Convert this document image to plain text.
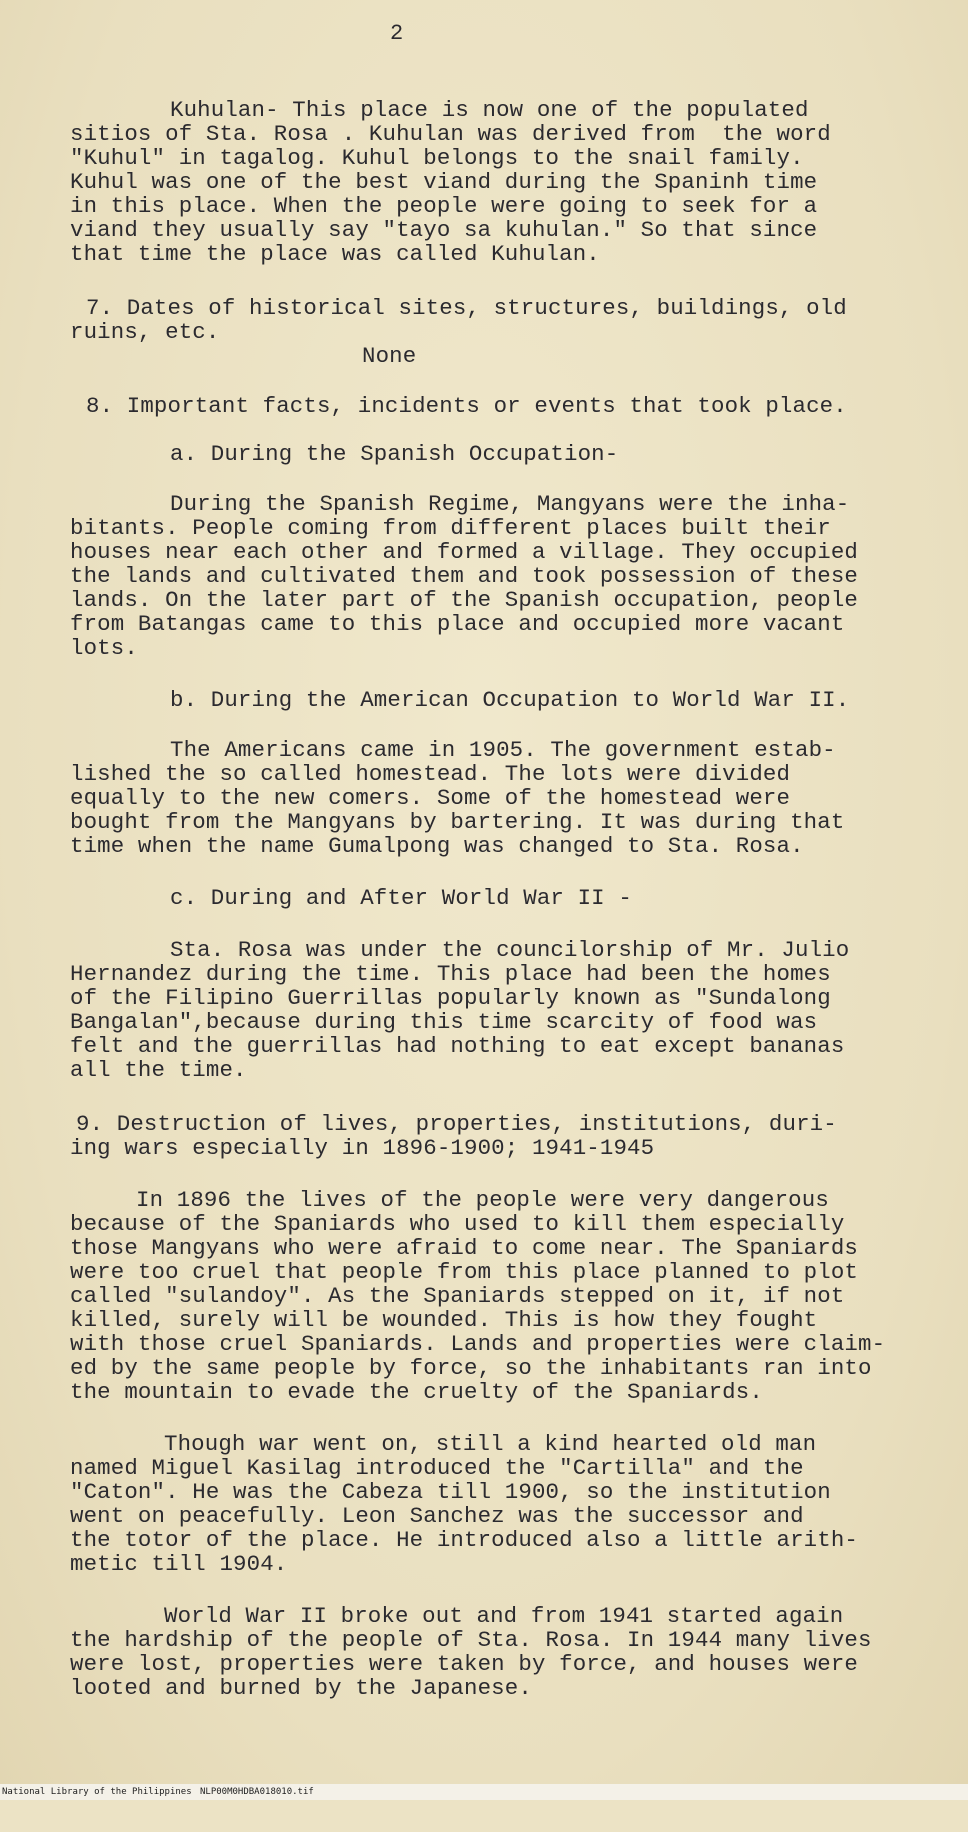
2
Kuhulan- This place is now one of the populated
sitios of Sta. Rosa . Kuhulan was derived from  the word
"Kuhul" in tagalog. Kuhul belongs to the snail family.
Kuhul was one of the best viand during the Spaninh time
in this place. When the people were going to seek for a
viand they usually say "tayo sa kuhulan." So that since
that time the place was called Kuhulan.
7. Dates of historical sites, structures, buildings, old
ruins, etc.
None
8. Important facts, incidents or events that took place.
a. During the Spanish Occupation-
During the Spanish Regime, Mangyans were the inha-
bitants. People coming from different places built their
houses near each other and formed a village. They occupied
the lands and cultivated them and took possession of these
lands. On the later part of the Spanish occupation, people
from Batangas came to this place and occupied more vacant
lots.
b. During the American Occupation to World War II.
The Americans came in 1905. The government estab-
lished the so called homestead. The lots were divided
equally to the new comers. Some of the homestead were
bought from the Mangyans by bartering. It was during that
time when the name Gumalpong was changed to Sta. Rosa.
c. During and After World War II -
Sta. Rosa was under the councilorship of Mr. Julio
Hernandez during the time. This place had been the homes
of the Filipino Guerrillas popularly known as "Sundalong
Bangalan",because during this time scarcity of food was
felt and the guerrillas had nothing to eat except bananas
all the time.
9. Destruction of lives, properties, institutions, duri-
ing wars especially in 1896-1900; 1941-1945
In 1896 the lives of the people were very dangerous
because of the Spaniards who used to kill them especially
those Mangyans who were afraid to come near. The Spaniards
were too cruel that people from this place planned to plot
called "sulandoy". As the Spaniards stepped on it, if not
killed, surely will be wounded. This is how they fought
with those cruel Spaniards. Lands and properties were claim-
ed by the same people by force, so the inhabitants ran into
the mountain to evade the cruelty of the Spaniards.
Though war went on, still a kind hearted old man
named Miguel Kasilag introduced the "Cartilla" and the
"Caton". He was the Cabeza till 1900, so the institution
went on peacefully. Leon Sanchez was the successor and
the totor of the place. He introduced also a little arith-
metic till 1904.
World War II broke out and from 1941 started again
the hardship of the people of Sta. Rosa. In 1944 many lives
were lost, properties were taken by force, and houses were
looted and burned by the Japanese.

National Library of the Philippines

NLP00M0HDBA018010.tif
